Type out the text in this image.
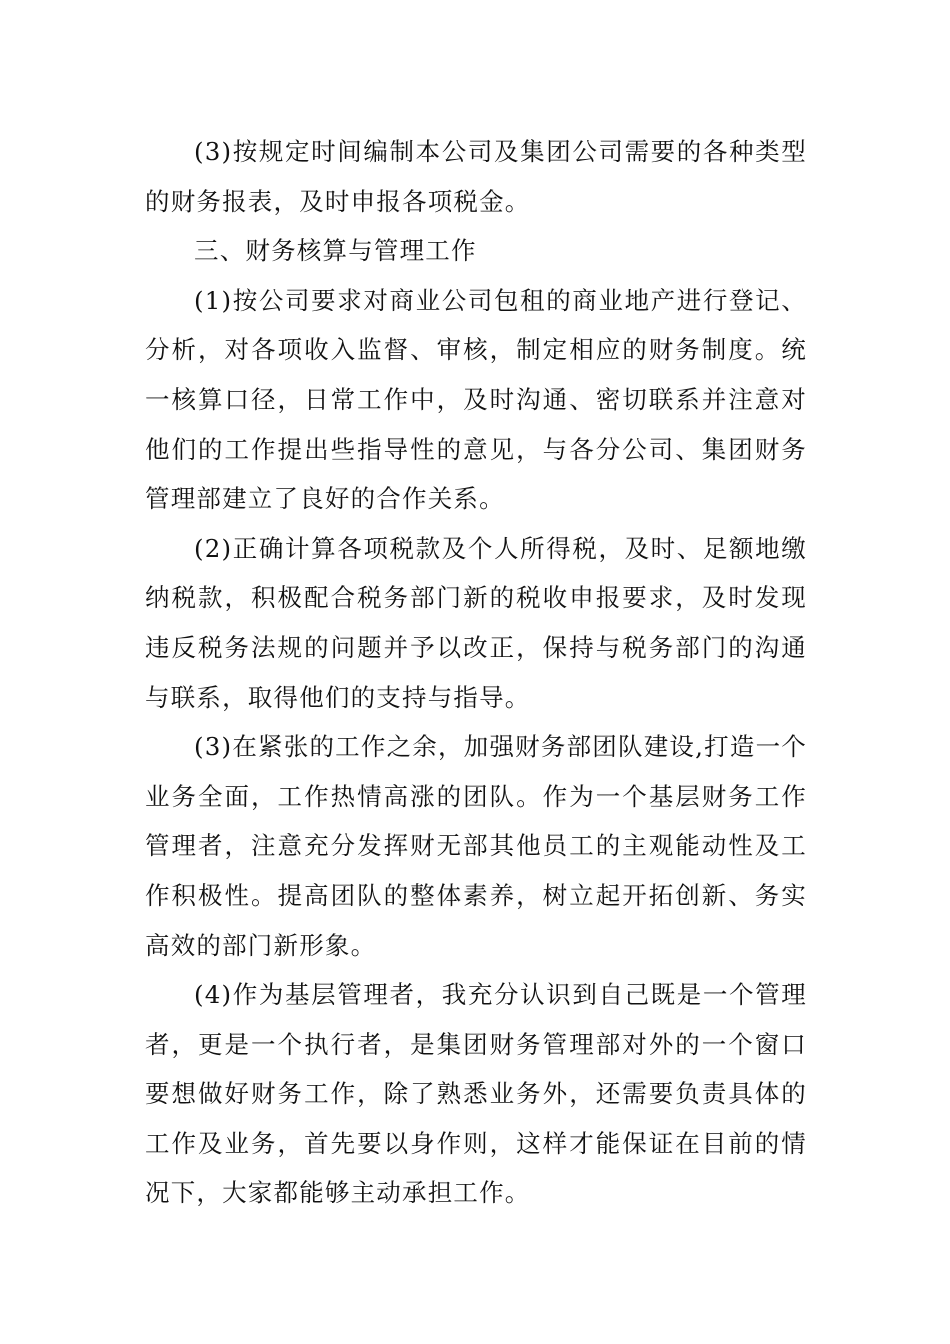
(3)按规定时间编制本公司及集团公司需要的各种类型的财务报表，及时申报各项税金。

三、财务核算与管理工作

(1)按公司要求对商业公司包租的商业地产进行登记、分析，对各项收入监督、审核，制定相应的财务制度。统一核算口径，日常工作中，及时沟通、密切联系并注意对他们的工作提出些指导性的意见，与各分公司、集团财务管理部建立了良好的合作关系。

(2)正确计算各项税款及个人所得税，及时、足额地缴纳税款，积极配合税务部门新的税收申报要求，及时发现违反税务法规的问题并予以改正，保持与税务部门的沟通与联系，取得他们的支持与指导。

(3)在紧张的工作之余，加强财务部团队建设,打造一个业务全面，工作热情高涨的团队。作为一个基层财务工作管理者，注意充分发挥财无部其他员工的主观能动性及工作积极性。提高团队的整体素养，树立起开拓创新、务实高效的部门新形象。

(4)作为基层管理者，我充分认识到自己既是一个管理者，更是一个执行者，是集团财务管理部对外的一个窗口要想做好财务工作，除了熟悉业务外，还需要负责具体的工作及业务，首先要以身作则，这样才能保证在目前的情况下，大家都能够主动承担工作。
